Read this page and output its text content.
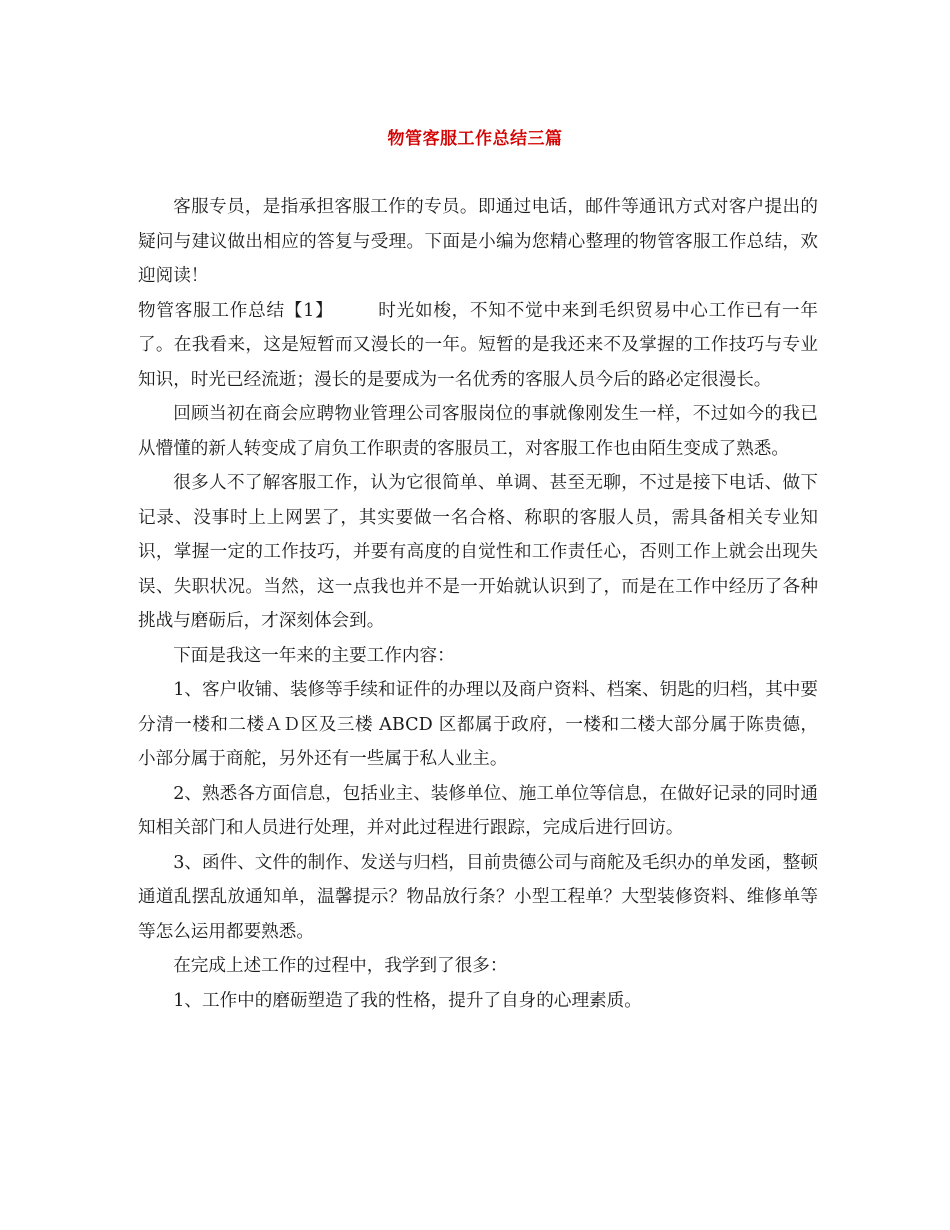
物管客服工作总结三篇

客服专员，是指承担客服工作的专员。即通过电话，邮件等通讯方式对客户提出的疑问与建议做出相应的答复与受理。下面是小编为您精心整理的物管客服工作总结，欢迎阅读！

物管客服工作总结【1】	时光如梭，不知不觉中来到毛织贸易中心工作已有一年了。在我看来，这是短暂而又漫长的一年。短暂的是我还来不及掌握的工作技巧与专业知识，时光已经流逝；漫长的是要成为一名优秀的客服人员今后的路必定很漫长。

回顾当初在商会应聘物业管理公司客服岗位的事就像刚发生一样，不过如今的我已从懵懂的新人转变成了肩负工作职责的客服员工，对客服工作也由陌生变成了熟悉。

很多人不了解客服工作，认为它很简单、单调、甚至无聊，不过是接下电话、做下记录、没事时上上网罢了，其实要做一名合格、称职的客服人员，需具备相关专业知识，掌握一定的工作技巧，并要有高度的自觉性和工作责任心，否则工作上就会出现失误、失职状况。当然，这一点我也并不是一开始就认识到了，而是在工作中经历了各种挑战与磨砺后，才深刻体会到。

下面是我这一年来的主要工作内容：

1、客户收铺、装修等手续和证件的办理以及商户资料、档案、钥匙的归档，其中要分清一楼和二楼ＡＤ区及三楼 ABCD 区都属于政府，一楼和二楼大部分属于陈贵德，小部分属于商舵，另外还有一些属于私人业主。

2、熟悉各方面信息，包括业主、装修单位、施工单位等信息，在做好记录的同时通知相关部门和人员进行处理，并对此过程进行跟踪，完成后进行回访。

3、函件、文件的制作、发送与归档，目前贵德公司与商舵及毛织办的单发函，整顿通道乱摆乱放通知单，温馨提示？物品放行条？小型工程单？大型装修资料、维修单等等怎么运用都要熟悉。

在完成上述工作的过程中，我学到了很多：

1、工作中的磨砺塑造了我的性格，提升了自身的心理素质。
